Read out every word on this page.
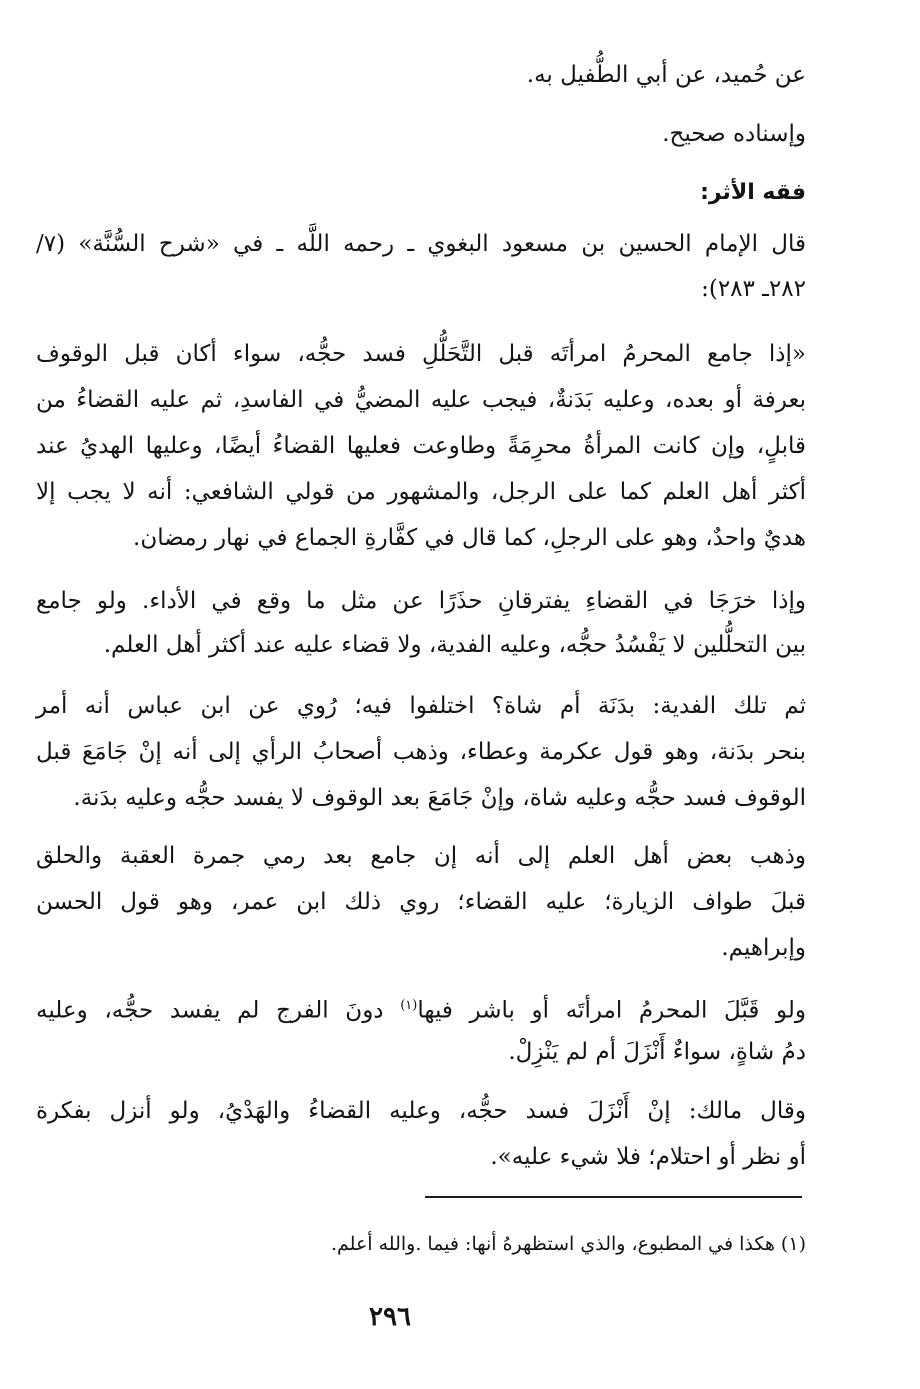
عن حُميد، عن أبي الطُّفيل به.
وإسناده صحيح.
فقه الأثر:
قال الإمام الحسين بن مسعود البغوي ـ رحمه اللَّه ـ في «شرح السُّنَّة» (٧/
٢٨٢ـ ٢٨٣):
«إذا جامع المحرمُ امرأتَه قبل التَّحَلُّلِ فسد حجُّه، سواء أكان قبل الوقوف
بعرفة أو بعده، وعليه بَدَنةٌ، فيجب عليه المضيُّ في الفاسدِ، ثم عليه القضاءُ من
قابلٍ، وإن كانت المرأةُ محرِمَةً وطاوعت فعليها القضاءُ أيضًا، وعليها الهديُ عند
أكثر أهل العلم كما على الرجل، والمشهور من قولي الشافعي: أنه لا يجب إلا
هديٌ واحدٌ، وهو على الرجلِ، كما قال في كفَّارةِ الجماع في نهار رمضان.
وإذا خرَجَا في القضاءِ يفترقانِ حذَرًا عن مثل ما وقع في الأداء. ولو جامع
بين التحلُّلين لا يَفْسُدُ حجُّه، وعليه الفدية، ولا قضاء عليه عند أكثر أهل العلم.
ثم تلك الفدية: بدَنَة أم شاة؟ اختلفوا فيه؛ رُوي عن ابن عباس أنه أمر
بنحر بدَنة، وهو قول عكرمة وعطاء، وذهب أصحابُ الرأي إلى أنه إنْ جَامَعَ قبل
الوقوف فسد حجُّه وعليه شاة، وإنْ جَامَعَ بعد الوقوف لا يفسد حجُّه وعليه بدَنة.
وذهب بعض أهل العلم إلى أنه إن جامع بعد رمي جمرة العقبة والحلق
قبلَ طواف الزيارة؛ عليه القضاء؛ روي ذلك ابن عمر، وهو قول الحسن
وإبراهيم.
ولو قَبَّلَ المحرمُ امرأتَه أو باشر فيها$^{(١)}$ دونَ الفرج لم يفسد حجُّه، وعليه
دمُ شاةٍ، سواءٌ أَنْزَلَ أم لم يَنْزِلْ.
وقال مالك: إنْ أَنْزَلَ فسد حجُّه، وعليه القضاءُ والهَدْيُ، ولو أنزل بفكرة
أو نظر أو احتلام؛ فلا شيء عليه».
(١) هكذا في المطبوع، والذي استظهرهُ أنها: فيما .والله أعلم.
٢٩٦
